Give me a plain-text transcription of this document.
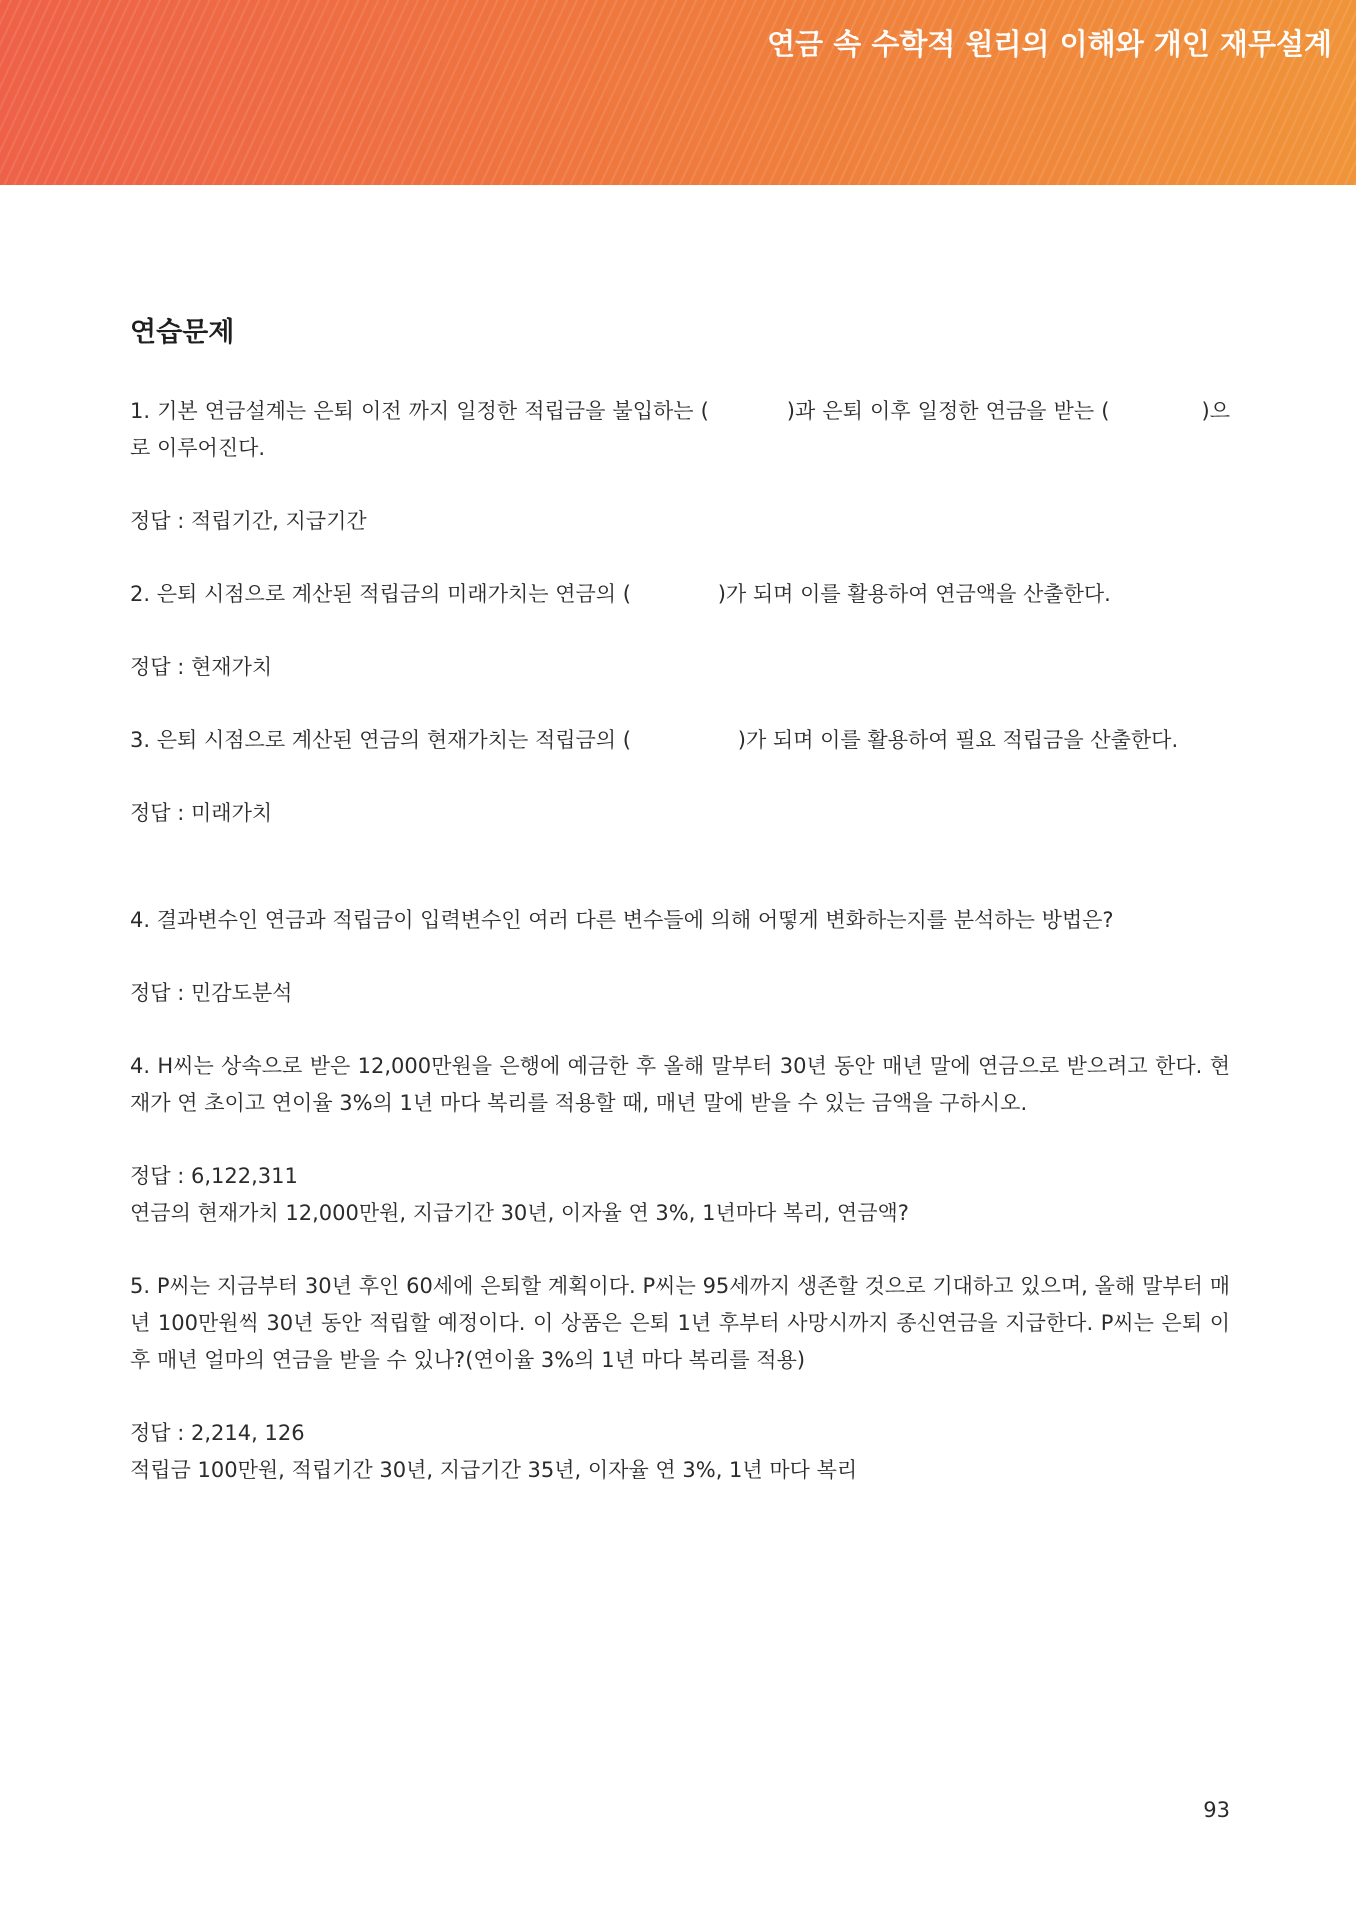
연금 속 수학적 원리의 이해와 개인 재무설계
연습문제

1. 기본 연금설계는 은퇴 이전 까지 일정한 적립금을 불입하는 (           )과 은퇴 이후 일정한 연금을 받는 (             )으로 이루어진다.

정답 : 적립기간, 지급기간

2. 은퇴 시점으로 계산된 적립금의 미래가치는 연금의 (             )가 되며 이를 활용하여 연금액을 산출한다.

정답 : 현재가치

3. 은퇴 시점으로 계산된 연금의 현재가치는 적립금의 (                )가 되며 이를 활용하여 필요 적립금을 산출한다.

정답 : 미래가치

4. 결과변수인 연금과 적립금이 입력변수인 여러 다른 변수들에 의해 어떻게 변화하는지를 분석하는 방법은?

정답 : 민감도분석

4. H씨는 상속으로 받은 12,000만원을 은행에 예금한 후 올해 말부터 30년 동안 매년 말에 연금으로 받으려고 한다. 현재가 연 초이고 연이율 3%의 1년 마다 복리를 적용할 때, 매년 말에 받을 수 있는 금액을 구하시오.

정답 : 6,122,311

연금의 현재가치 12,000만원, 지급기간 30년, 이자율 연 3%, 1년마다 복리, 연금액?

5. P씨는 지금부터 30년 후인 60세에 은퇴할 계획이다. P씨는 95세까지 생존할 것으로 기대하고 있으며, 올해 말부터 매년 100만원씩 30년 동안 적립할 예정이다. 이 상품은 은퇴 1년 후부터 사망시까지 종신연금을 지급한다. P씨는 은퇴 이후 매년 얼마의 연금을 받을 수 있나?(연이율 3%의 1년 마다 복리를 적용)

정답 : 2,214, 126

적립금 100만원, 적립기간 30년, 지급기간 35년, 이자율 연 3%, 1년 마다 복리

93
